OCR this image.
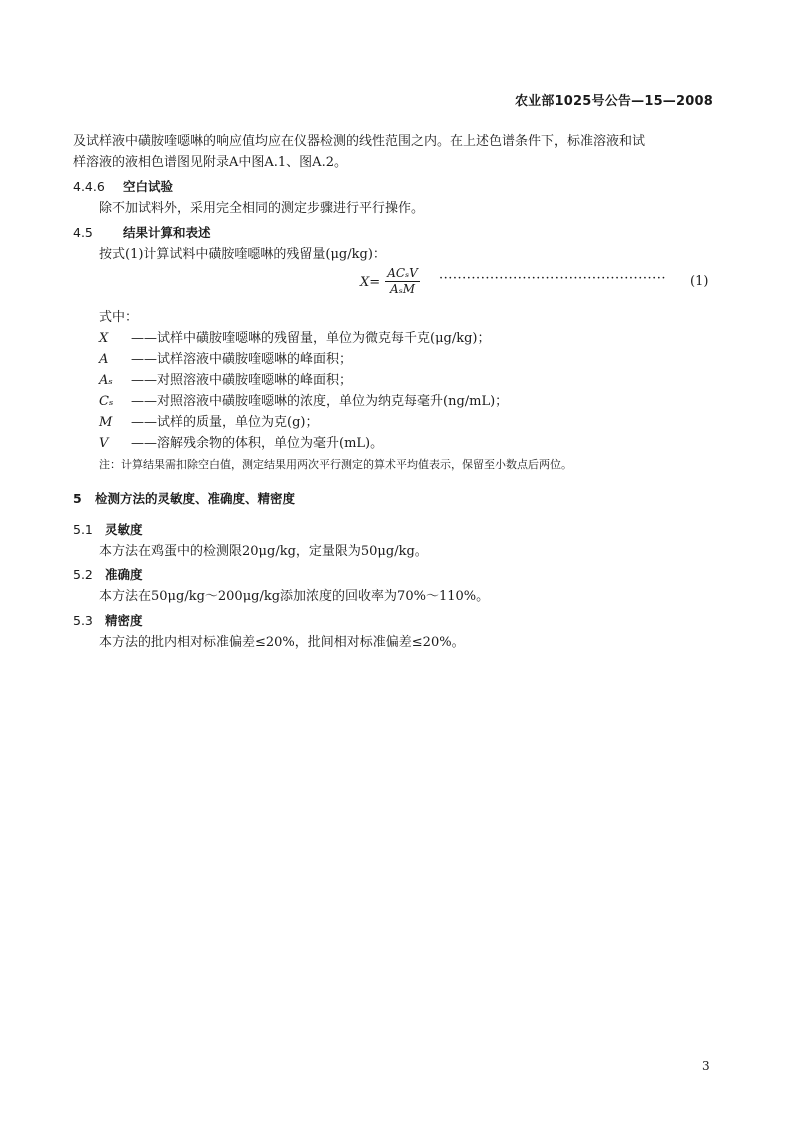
农业部1025号公告—15—2008
及试样液中磺胺喹噁啉的响应值均应在仪器检测的线性范围之内。在上述色谱条件下，标准溶液和试
样溶液的液相色谱图见附录A中图A.1、图A.2。
4.4.6 空白试验
除不加试料外，采用完全相同的测定步骤进行平行操作。
4.5 结果计算和表述
按式(1)计算试料中磺胺喹噁啉的残留量(μg/kg)：
$X= \frac{\text{ACₛV}}{\text{AₛM}}$ ················································· (1)
式中：
X ——试样中磺胺喹噁啉的残留量，单位为微克每千克(μg/kg)；
A ——试样溶液中磺胺喹噁啉的峰面积；
Aₛ ——对照溶液中磺胺喹噁啉的峰面积；
Cₛ ——对照溶液中磺胺喹噁啉的浓度，单位为纳克每毫升(ng/mL)；
M ——试样的质量，单位为克(g)；
V ——溶解残余物的体积，单位为毫升(mL)。
注：计算结果需扣除空白值，测定结果用两次平行测定的算术平均值表示，保留至小数点后两位。
5 检测方法的灵敏度、准确度、精密度
5.1 灵敏度
本方法在鸡蛋中的检测限20μg/kg，定量限为50μg/kg。
5.2 准确度
本方法在50μg/kg～200μg/kg添加浓度的回收率为70%～110%。
5.3 精密度
本方法的批内相对标准偏差≤20%，批间相对标准偏差≤20%。
3
